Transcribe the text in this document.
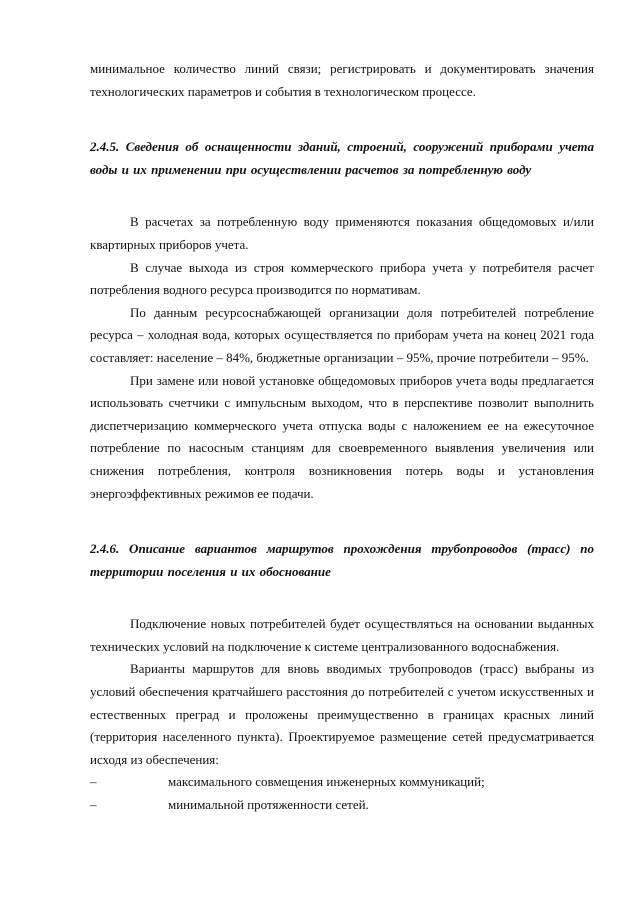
минимальное количество линий связи; регистрировать и документировать значения технологических параметров и события в технологическом процессе.

2.4.5. Сведения об оснащенности зданий, строений, сооружений приборами учета воды и их применении при осуществлении расчетов за потребленную воду

В расчетах за потребленную воду применяются показания общедомовых и/или квартирных приборов учета.

В случае выхода из строя коммерческого прибора учета у потребителя расчет потребления водного ресурса производится по нормативам.

По данным ресурсоснабжающей организации доля потребителей потребление ресурса – холодная вода, которых осуществляется по приборам учета на конец 2021 года составляет: население – 84%, бюджетные организации – 95%, прочие потребители – 95%.

При замене или новой установке общедомовых приборов учета воды предлагается использовать счетчики с импульсным выходом, что в перспективе позволит выполнить диспетчеризацию коммерческого учета отпуска воды с наложением ее на ежесуточное потребление по насосным станциям для своевременного выявления увеличения или снижения потребления, контроля возникновения потерь воды и установления энергоэффективных режимов ее подачи.

2.4.6. Описание вариантов маршрутов прохождения трубопроводов (трасс) по территории поселения и их обоснование

Подключение новых потребителей будет осуществляться на основании выданных технических условий на подключение к системе централизованного водоснабжения.

Варианты маршрутов для вновь вводимых трубопроводов (трасс) выбраны из условий обеспечения кратчайшего расстояния до потребителей с учетом искусственных и естественных преград и проложены преимущественно в границах красных линий (территория населенного пункта). Проектируемое размещение сетей предусматривается исходя из обеспечения:

–	максимального совмещения инженерных коммуникаций;
–	минимальной протяженности сетей.
